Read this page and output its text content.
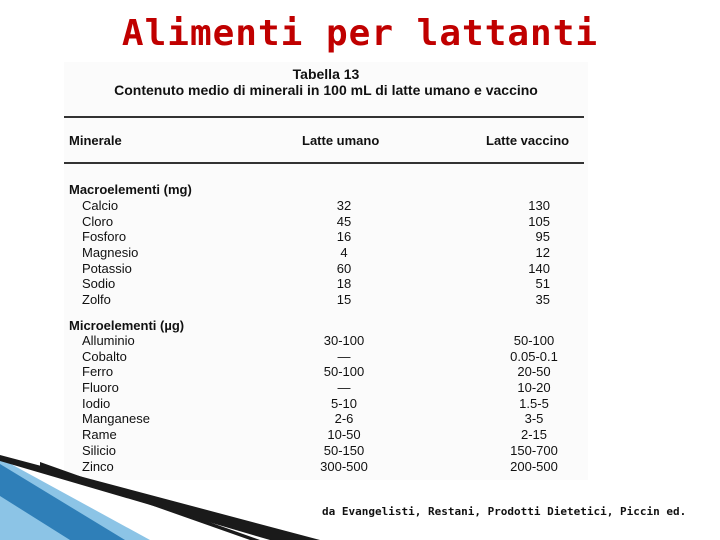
Alimenti per lattanti
Tabella 13
Contenuto medio di minerali in 100 mL di latte umano e vaccino
Minerale	Latte umano	Latte vaccino
Macroelementi (mg)
Calcio	32	130
Cloro	45	105
Fosforo	16	95
Magnesio	4	12
Potassio	60	140
Sodio	18	51
Zolfo	15	35
Microelementi (µg)
Alluminio	30-100	50-100
Cobalto	—	0.05-0.1
Ferro	50-100	20-50
Fluoro	—	10-20
Iodio	5-10	1.5-5
Manganese	2-6	3-5
Rame	10-50	2-15
Silicio	50-150	150-700
Zinco	300-500	200-500
da Evangelisti, Restani, Prodotti Dietetici, Piccin ed.
